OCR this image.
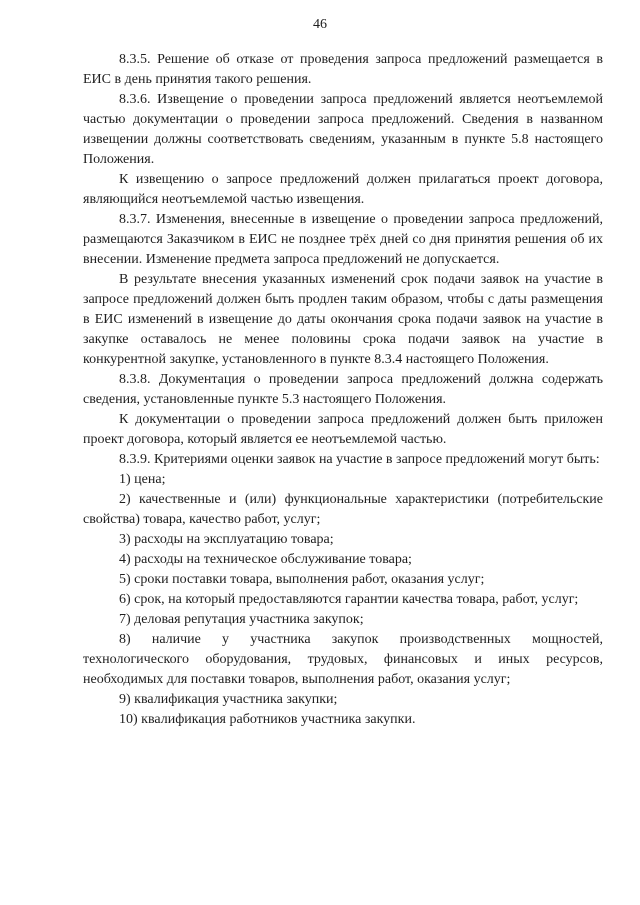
46

8.3.5. Решение об отказе от проведения запроса предложений размещается в ЕИС в день принятия такого решения.

8.3.6. Извещение о проведении запроса предложений является неотъемлемой частью документации о проведении запроса предложений. Сведения в названном извещении должны соответствовать сведениям, указанным в пункте 5.8 настоящего Положения.

К извещению о запросе предложений должен прилагаться проект договора, являющийся неотъемлемой частью извещения.

8.3.7. Изменения, внесенные в извещение о проведении запроса предложений, размещаются Заказчиком в ЕИС не позднее трёх дней со дня принятия решения об их внесении. Изменение предмета запроса предложений не допускается.

В результате внесения указанных изменений срок подачи заявок на участие в запросе предложений должен быть продлен таким образом, чтобы с даты размещения в ЕИС изменений в извещение до даты окончания срока подачи заявок на участие в закупке оставалось не менее половины срока подачи заявок на участие в конкурентной закупке, установленного в пункте 8.3.4 настоящего Положения.

8.3.8. Документация о проведении запроса предложений должна содержать сведения, установленные пункте 5.3 настоящего Положения.

К документации о проведении запроса предложений должен быть приложен проект договора, который является ее неотъемлемой частью.

8.3.9. Критериями оценки заявок на участие в запросе предложений могут быть:

1) цена;

2) качественные и (или) функциональные характеристики (потребительские свойства) товара, качество работ, услуг;

3) расходы на эксплуатацию товара;

4) расходы на техническое обслуживание товара;

5) сроки поставки товара, выполнения работ, оказания услуг;

6) срок, на который предоставляются гарантии качества товара, работ, услуг;

7) деловая репутация участника закупок;

8) наличие у участника закупок производственных мощностей, технологического оборудования, трудовых, финансовых и иных ресурсов, необходимых для поставки товаров, выполнения работ, оказания услуг;

9) квалификация участника закупки;

10) квалификация работников участника закупки.
